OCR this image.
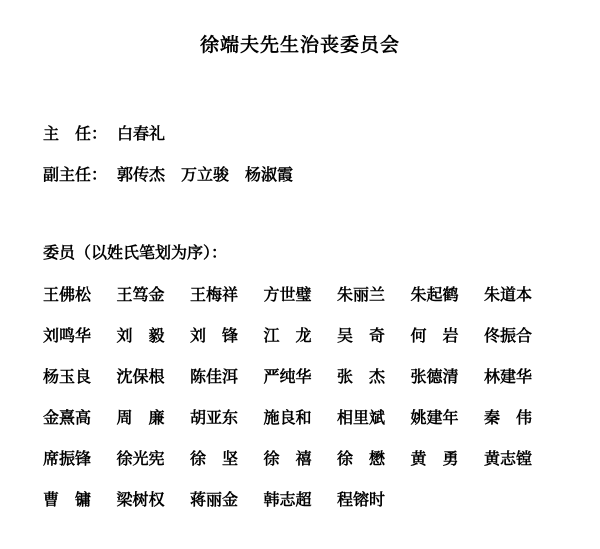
徐端夫先生治丧委员会
主　任： 白春礼
副主任： 郭传杰 万立骏 杨淑霞
委员（以姓氏笔划为序）：
王佛松	王笃金	王梅祥	方世璧	朱丽兰	朱起鹤	朱道本
刘鸣华	刘　毅	刘　锋	江　龙	吴　奇	何　岩	佟振合
杨玉良	沈保根	陈佳洱	严纯华	张　杰	张德清	林建华
金熹高	周　廉	胡亚东	施良和	相里斌	姚建年	秦　伟
席振锋	徐光宪	徐　坚	徐　禧	徐　懋	黄　勇	黄志镗
曹　镛	梁树权	蒋丽金	韩志超	程镕时
